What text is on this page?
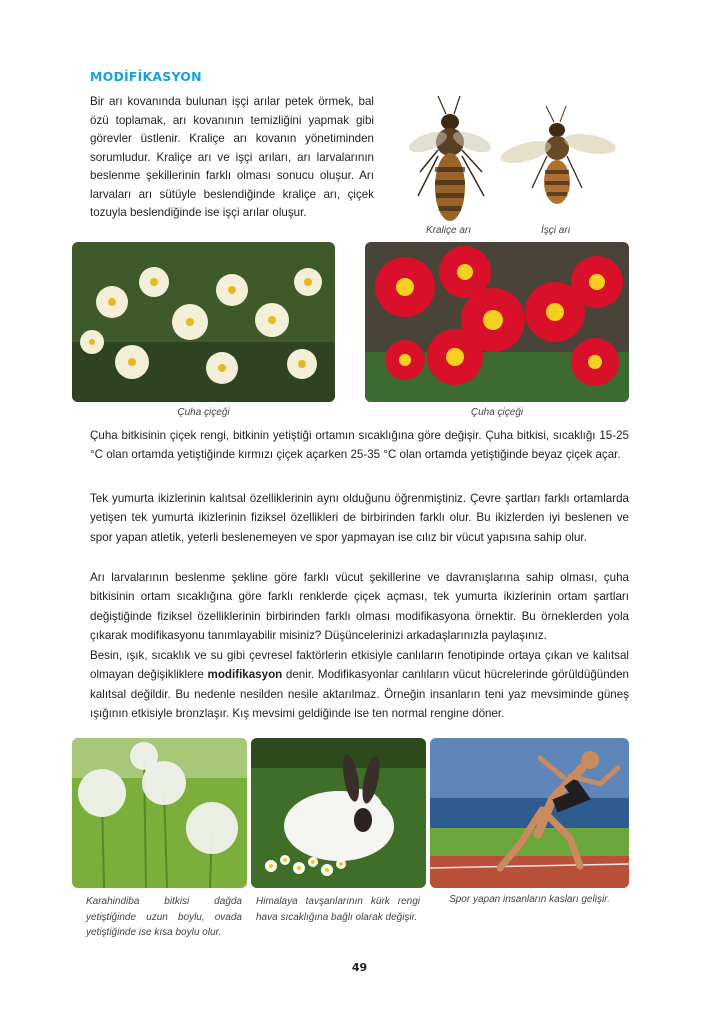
MODİFİKASYON
Bir arı kovanında bulunan işçi arılar petek örmek, bal özü toplamak, arı kovanının temizliğini yapmak gibi görevler üstlenir. Kraliçe arı kovanın yönetiminden sorumludur. Kraliçe arı ve işçi arıları, arı larvalarının beslenme şekillerinin farklı olması sonucu oluşur. Arı larvaları arı sütüyle beslendiğinde kraliçe arı, çiçek tozuyla beslendiğinde ise işçi arılar oluşur.
Kraliçe arı	İşçi arı
Çuha çiçeği	Çuha çiçeği

Çuha bitkisinin çiçek rengi, bitkinin yetiştiği ortamın sıcaklığına göre değişir. Çuha bitkisi, sıcaklığı 15-25 °C olan ortamda yetiştiğinde kırmızı çiçek açarken 25-35 °C olan ortamda yetiştiğinde beyaz çiçek açar.

Tek yumurta ikizlerinin kalıtsal özelliklerinin aynı olduğunu öğrenmiştiniz. Çevre şartları farklı ortamlarda yetişen tek yumurta ikizlerinin fiziksel özellikleri de birbirinden farklı olur. Bu ikizlerden iyi beslenen ve spor yapan atletik, yeterli beslenemeyen ve spor yapmayan ise cılız bir vücut yapısına sahip olur.

Arı larvalarının beslenme şekline göre farklı vücut şekillerine ve davranışlarına sahip olması, çuha bitkisinin ortam sıcaklığına göre farklı renklerde çiçek açması, tek yumurta ikizlerinin ortam şartları değiştiğinde fiziksel özelliklerinin birbirinden farklı olması modifikasyona örnektir. Bu örneklerden yola çıkarak modifikasyonu tanımlayabilir misiniz? Düşüncelerinizi arkadaşlarınızla paylaşınız.

Besin, ışık, sıcaklık ve su gibi çevresel faktörlerin etkisiyle canlıların fenotipinde ortaya çıkan ve kalıtsal olmayan değişikliklere modifikasyon denir. Modifikasyonlar canlıların vücut hücrelerinde görüldüğünden kalıtsal değildir. Bu nedenle nesilden nesile aktarılmaz. Örneğin insanların teni yaz mevsiminde güneş ışığının etkisiyle bronzlaşır. Kış mevsimi geldiğinde ise ten normal rengine döner.

Karahindiba bitkisi dağda yetiştiğinde uzun boylu, ovada yetiştiğinde ise kısa boylu olur.
Himalaya tavşanlarının kürk rengi hava sıcaklığına bağlı olarak değişir.
Spor yapan insanların kasları gelişir.
49
